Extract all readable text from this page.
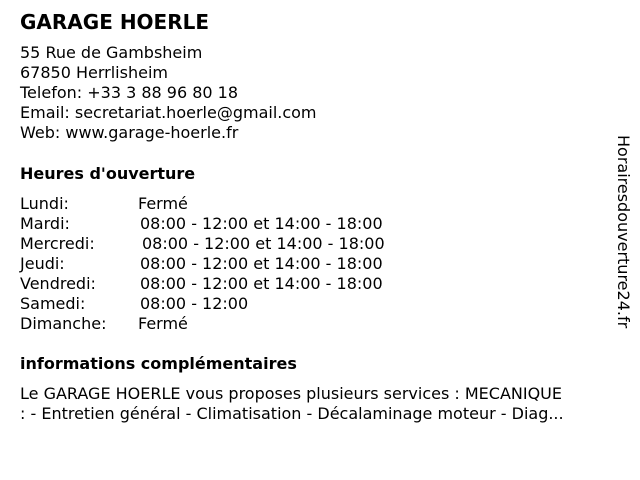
GARAGE HOERLE
55 Rue de Gambsheim
67850 Herrlisheim
Telefon: +33 3 88 96 80 18
Email: secretariat.hoerle@gmail.com
Web: www.garage-hoerle.fr
Heures d'ouverture
Lundi:	Fermé
Mardi:	08:00 - 12:00 et 14:00 - 18:00
Mercredi:	08:00 - 12:00 et 14:00 - 18:00
Jeudi:	08:00 - 12:00 et 14:00 - 18:00
Vendredi:	08:00 - 12:00 et 14:00 - 18:00
Samedi:	08:00 - 12:00
Dimanche: Fermé
informations complémentaires
Le GARAGE HOERLE vous proposes plusieurs services : MECANIQUE
: - Entretien général - Climatisation - Décalaminage moteur - Diag...
Horairesdouverture24.fr
